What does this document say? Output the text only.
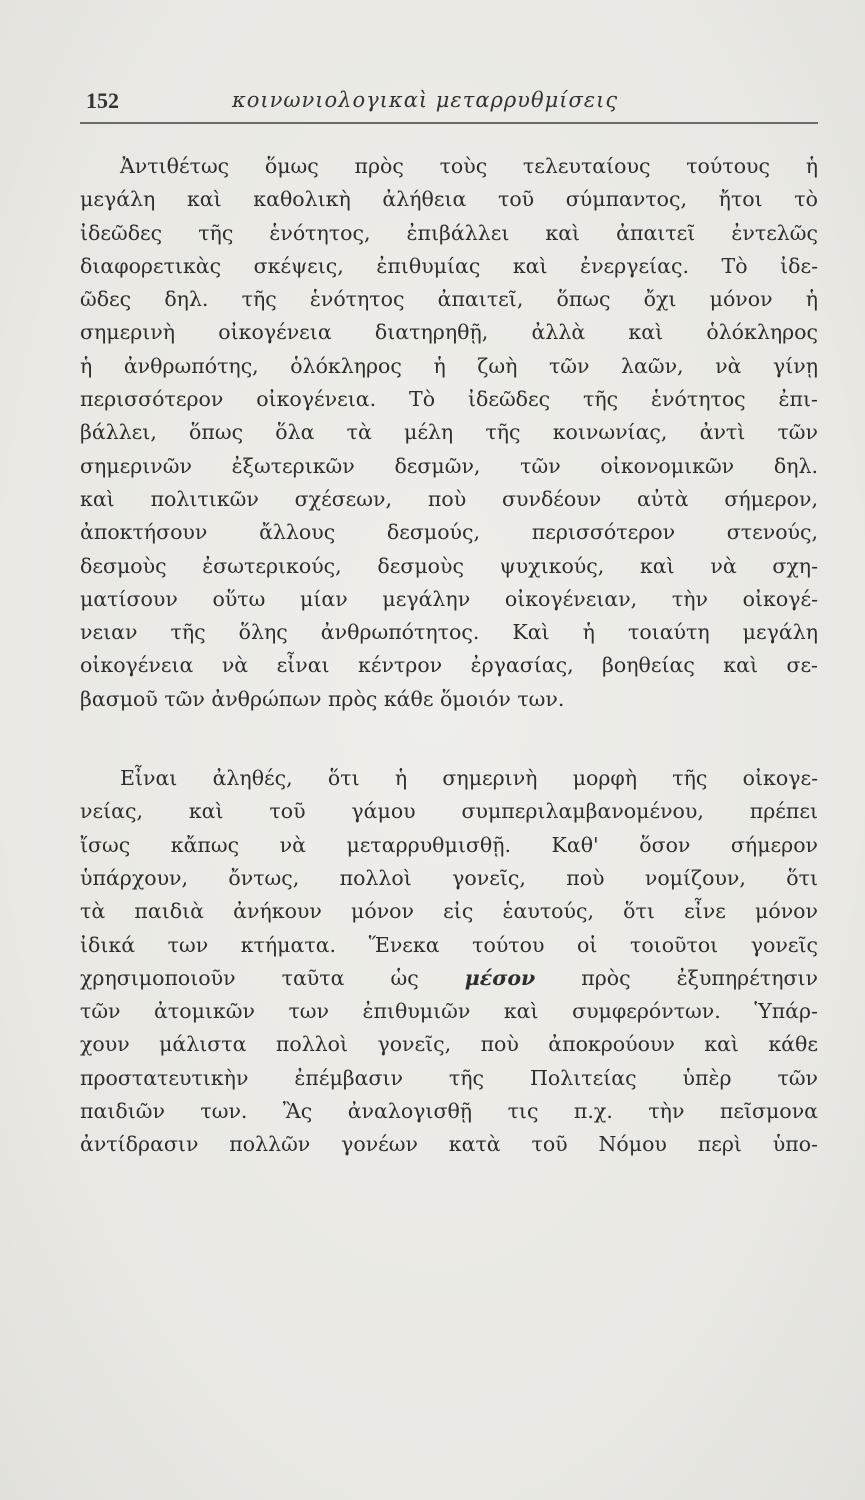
152	κοινωνιολογικαὶ μεταρρυθμίσεις
Ἀντιθέτως ὅμως πρὸς τοὺς τελευταίους τούτους ἡ
μεγάλη καὶ καθολικὴ ἀλήθεια τοῦ σύμπαντος, ἤτοι τὸ
ἰδεῶδες τῆς ἑνότητος, ἐπιβάλλει καὶ ἀπαιτεῖ ἐντελῶς
διαφορετικὰς σκέψεις, ἐπιθυμίας καὶ ἐνεργείας. Τὸ ἰδε-
ῶδες δηλ. τῆς ἑνότητος ἀπαιτεῖ, ὅπως ὄχι μόνον ἡ
σημερινὴ οἰκογένεια διατηρηθῇ, ἀλλὰ καὶ ὁλόκληρος
ἡ ἀνθρωπότης, ὁλόκληρος ἡ ζωὴ τῶν λαῶν, νὰ γίνῃ
περισσότερον οἰκογένεια. Τὸ ἰδεῶδες τῆς ἑνότητος ἐπι-
βάλλει, ὅπως ὅλα τὰ μέλη τῆς κοινωνίας, ἀντὶ τῶν
σημερινῶν ἐξωτερικῶν δεσμῶν, τῶν οἰκονομικῶν δηλ.
καὶ πολιτικῶν σχέσεων, ποὺ συνδέουν αὐτὰ σήμερον,
ἀποκτήσουν ἄλλους δεσμούς, περισσότερον στενούς,
δεσμοὺς ἐσωτερικούς, δεσμοὺς ψυχικούς, καὶ νὰ σχη-
ματίσουν οὕτω μίαν μεγάλην οἰκογένειαν, τὴν οἰκογέ-
νειαν τῆς ὅλης ἀνθρωπότητος. Καὶ ἡ τοιαύτη μεγάλη
οἰκογένεια νὰ εἶναι κέντρον ἐργασίας, βοηθείας καὶ σε-
βασμοῦ τῶν ἀνθρώπων πρὸς κάθε ὅμοιόν των.
Εἶναι ἀληθές, ὅτι ἡ σημερινὴ μορφὴ τῆς οἰκογε-
νείας, καὶ τοῦ γάμου συμπεριλαμβανομένου, πρέπει
ἴσως κἄπως νὰ μεταρρυθμισθῇ. Καθ' ὅσον σήμερον
ὑπάρχουν, ὄντως, πολλοὶ γονεῖς, ποὺ νομίζουν, ὅτι
τὰ παιδιὰ ἀνήκουν μόνον εἰς ἑαυτούς, ὅτι εἶνε μόνον
ἰδικά των κτήματα. Ἕνεκα τούτου οἱ τοιοῦτοι γονεῖς
χρησιμοποιοῦν ταῦτα ὡς μέσον πρὸς ἐξυπηρέτησιν
τῶν ἀτομικῶν των ἐπιθυμιῶν καὶ συμφερόντων. Ὑπάρ-
χουν μάλιστα πολλοὶ γονεῖς, ποὺ ἀποκρούουν καὶ κάθε
προστατευτικὴν ἐπέμβασιν τῆς Πολιτείας ὑπὲρ τῶν
παιδιῶν των. Ἂς ἀναλογισθῇ τις π.χ. τὴν πεῖσμονα
ἀντίδρασιν πολλῶν γονέων κατὰ τοῦ Νόμου περὶ ὑπο-
